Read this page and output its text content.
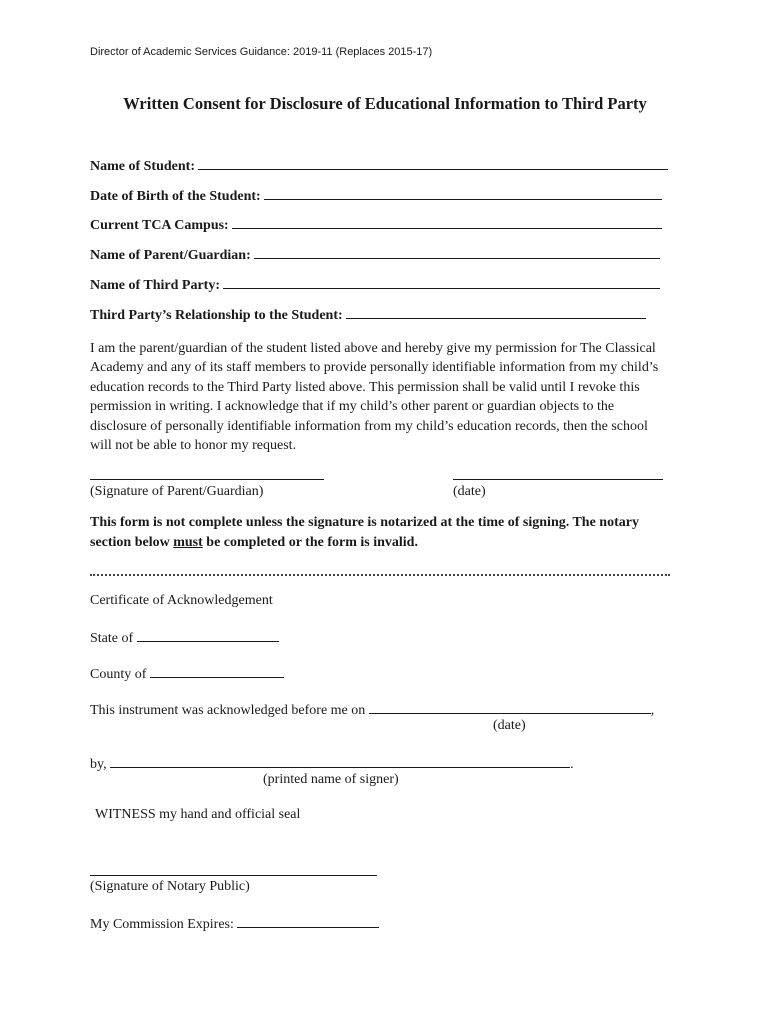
Director of Academic Services Guidance: 2019-11 (Replaces 2015-17)
Written Consent for Disclosure of Educational Information to Third Party
Name of Student:
Date of Birth of the Student:
Current TCA Campus:
Name of Parent/Guardian:
Name of Third Party:
Third Party’s Relationship to the Student:
I am the parent/guardian of the student listed above and hereby give my permission for The Classical Academy and any of its staff members to provide personally identifiable information from my child’s education records to the Third Party listed above. This permission shall be valid until I revoke this permission in writing. I acknowledge that if my child’s other parent or guardian objects to the disclosure of personally identifiable information from my child’s education records, then the school will not be able to honor my request.
(Signature of Parent/Guardian)	(date)
This form is not complete unless the signature is notarized at the time of signing. The notary section below must be completed or the form is invalid.
Certificate of Acknowledgement
State of
County of
This instrument was acknowledged before me on	,
(date)
by,	.
(printed name of signer)
WITNESS my hand and official seal
(Signature of Notary Public)
My Commission Expires:
